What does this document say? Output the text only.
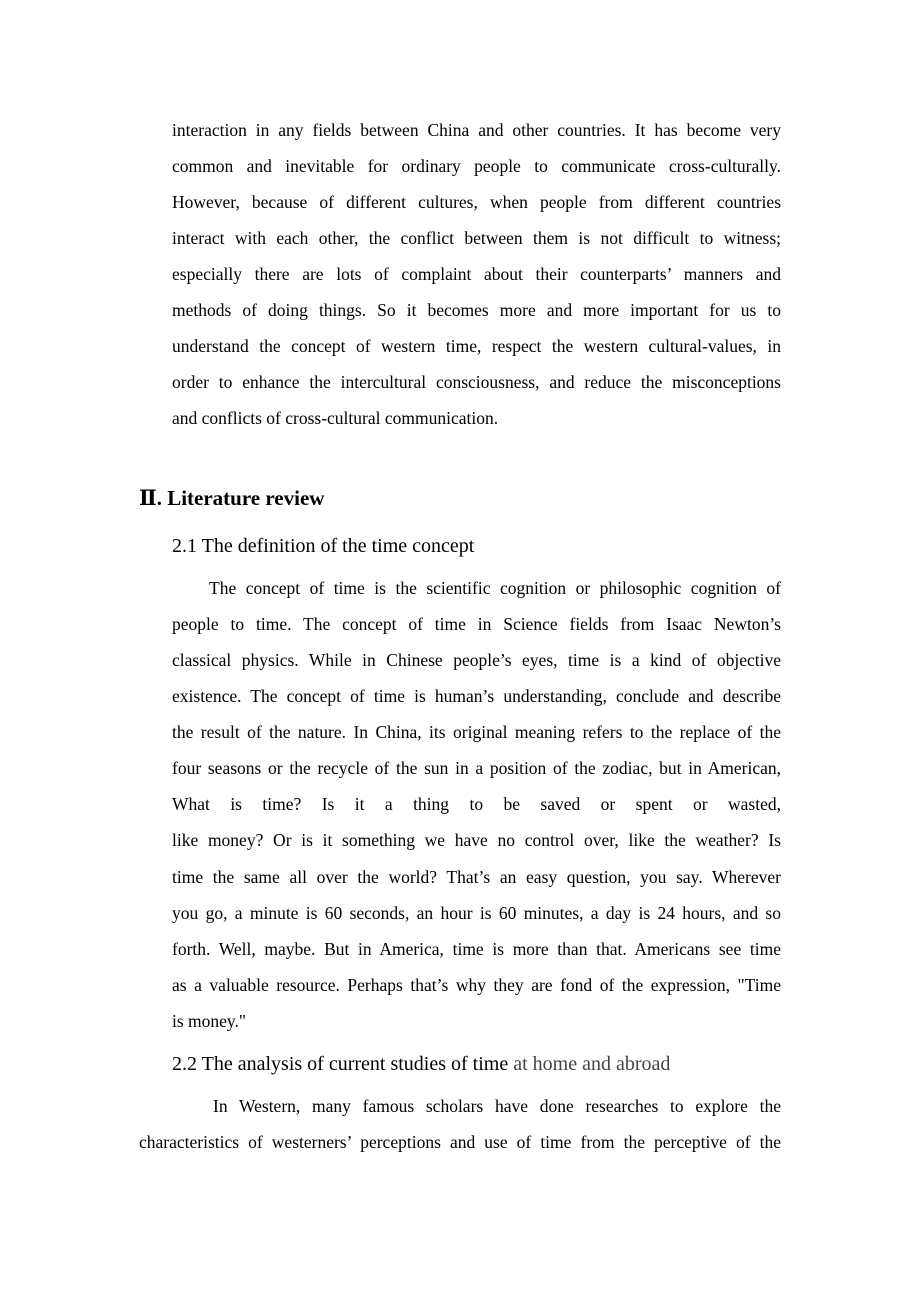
interaction in any fields between China and other countries. It has become very
common and inevitable for ordinary people to communicate cross-culturally.
However, because of different cultures, when people from different countries
interact with each other, the conflict between them is not difficult to witness;
especially there are lots of complaint about their counterparts’ manners and
methods of doing things. So it becomes more and more important for us to
understand the concept of western time, respect the western cultural-values, in
order to enhance the intercultural consciousness, and reduce the misconceptions
and conflicts of cross-cultural communication.
Ⅱ. Literature review
2.1 The definition of the time concept
The concept of time is the scientific cognition or philosophic cognition of
people to time. The concept of time in Science fields from Isaac Newton’s
classical physics. While in Chinese people’s eyes, time is a kind of objective
existence. The concept of time is human’s understanding, conclude and describe
the result of the nature. In China, its original meaning refers to the replace of the
four seasons or the recycle of the sun in a position of the zodiac, but in American,
What is time? Is it a thing to be saved or spent or wasted,
like money? Or is it something we have no control over, like the weather? Is
time the same all over the world? That’s an easy question, you say. Wherever
you go, a minute is 60 seconds, an hour is 60 minutes, a day is 24 hours, and so
forth. Well, maybe. But in America, time is more than that. Americans see time
as a valuable resource. Perhaps that’s why they are fond of the expression, "Time
is money."
2.2 The analysis of current studies of time at home and abroad
In Western, many famous scholars have done researches to explore the
characteristics of westerners’ perceptions and use of time from the perceptive of the
